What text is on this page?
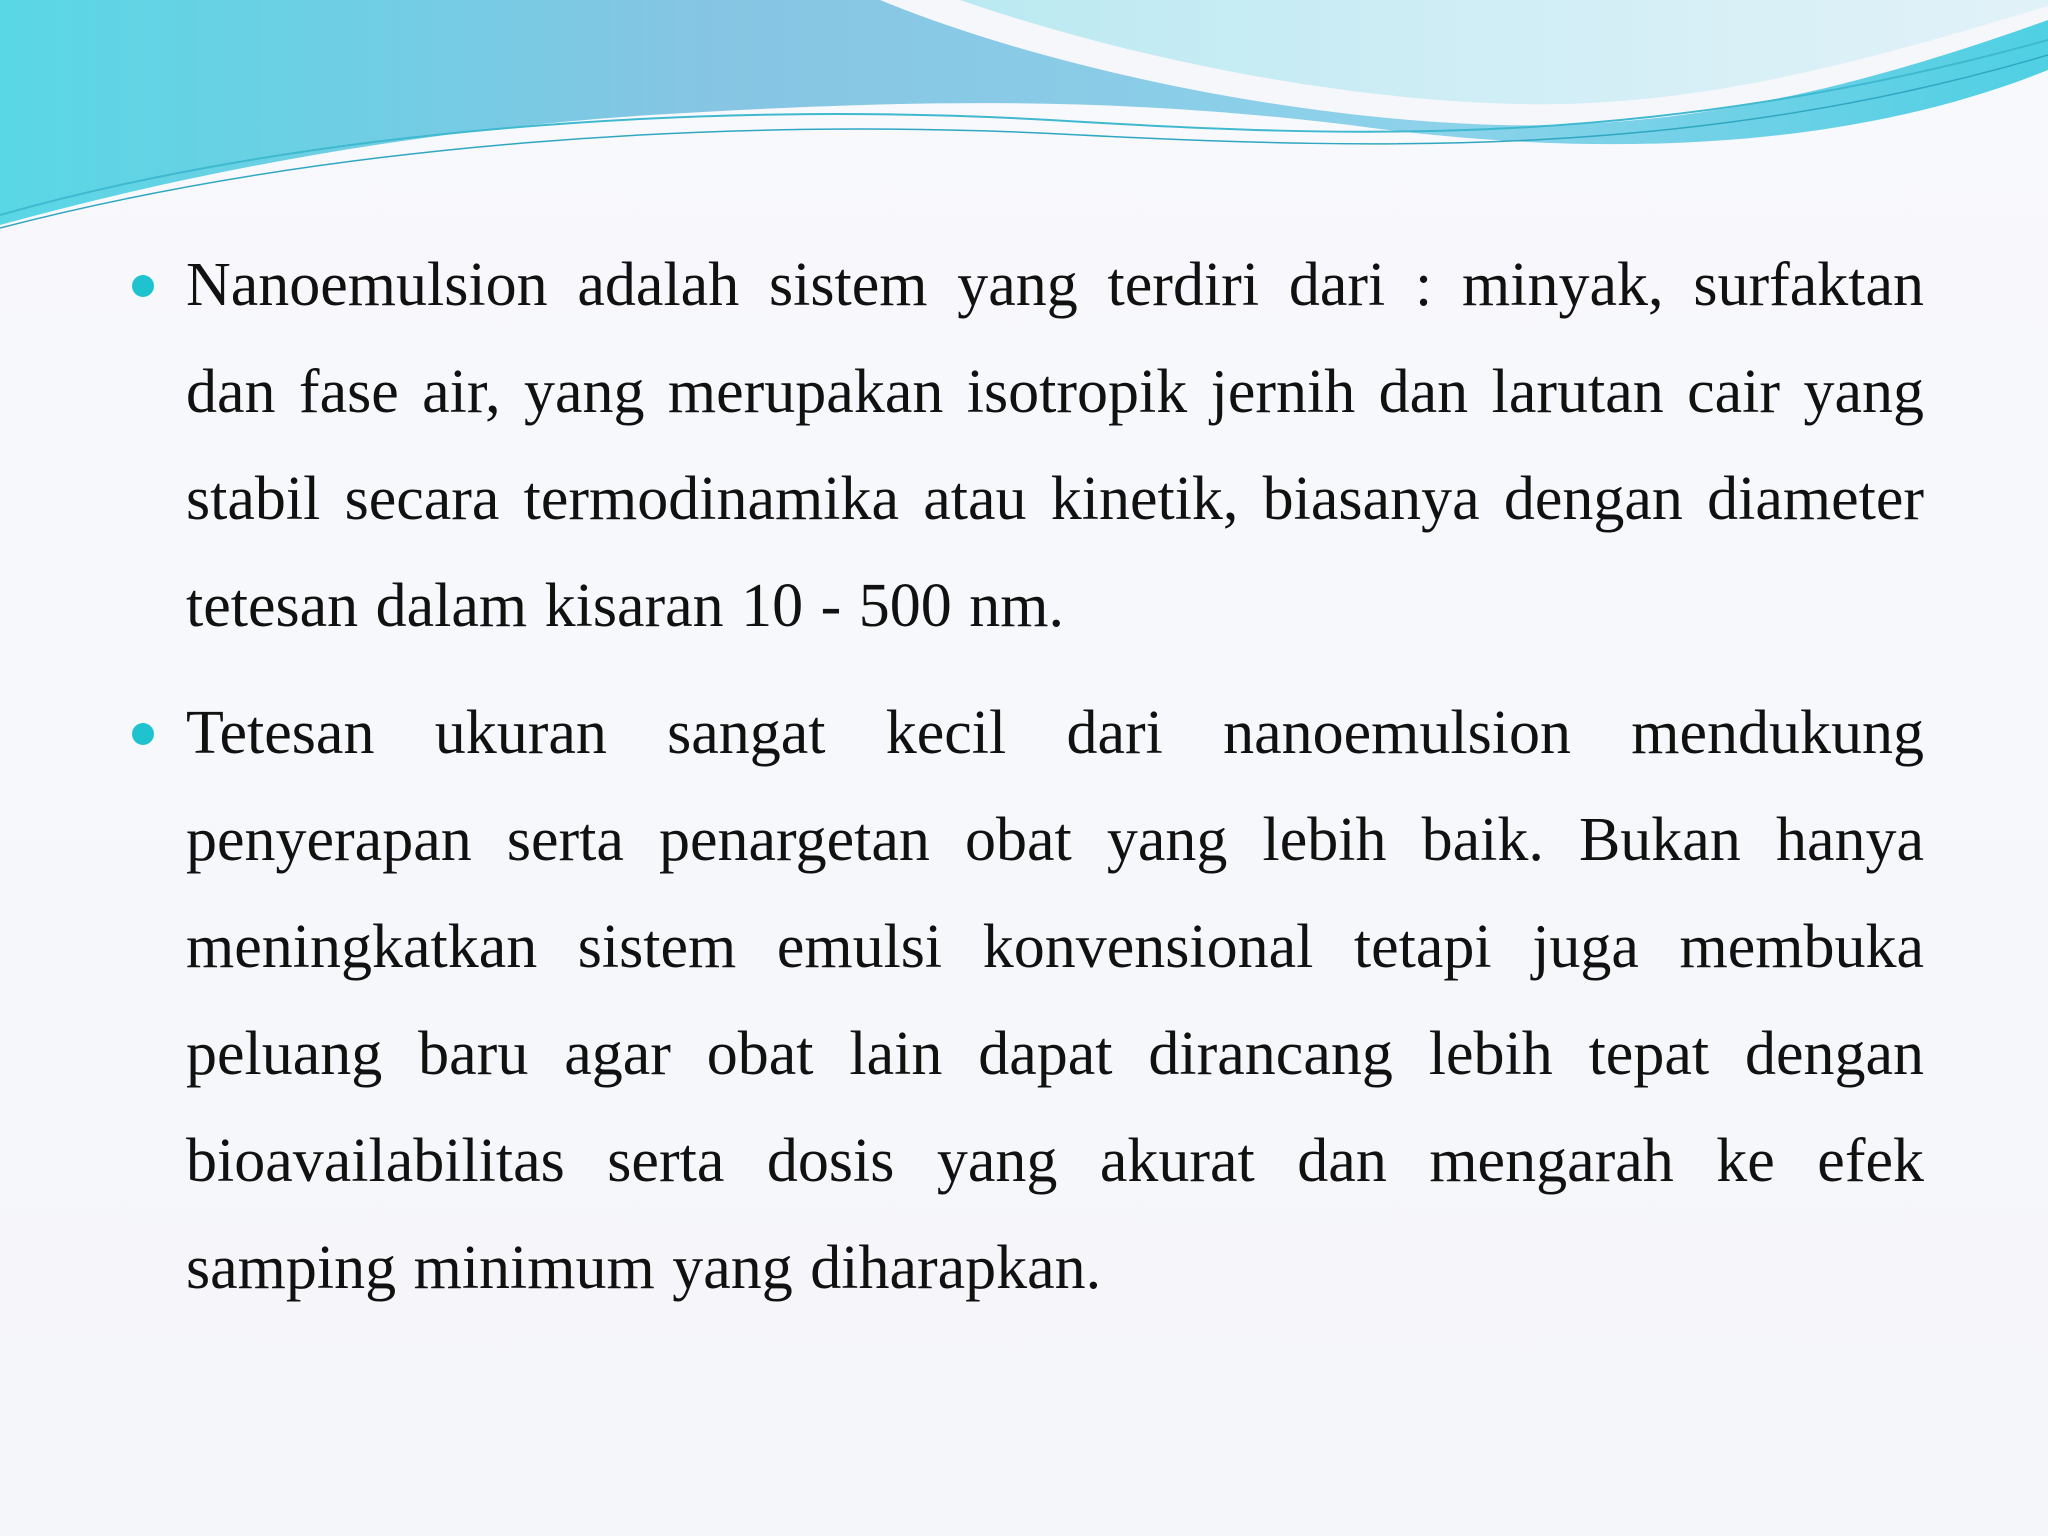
Nanoemulsion adalah sistem yang terdiri dari : minyak, surfaktan dan fase air, yang merupakan isotropik jernih dan larutan cair yang stabil secara termodinamika atau kinetik, biasanya dengan diameter tetesan dalam kisaran 10 - 500 nm.
Tetesan ukuran sangat kecil dari nanoemulsion mendukung penyerapan serta penargetan obat yang lebih baik. Bukan hanya meningkatkan sistem emulsi konvensional tetapi juga membuka peluang baru agar obat lain dapat dirancang lebih tepat dengan bioavailabilitas serta dosis yang akurat dan mengarah ke efek samping minimum yang diharapkan.
